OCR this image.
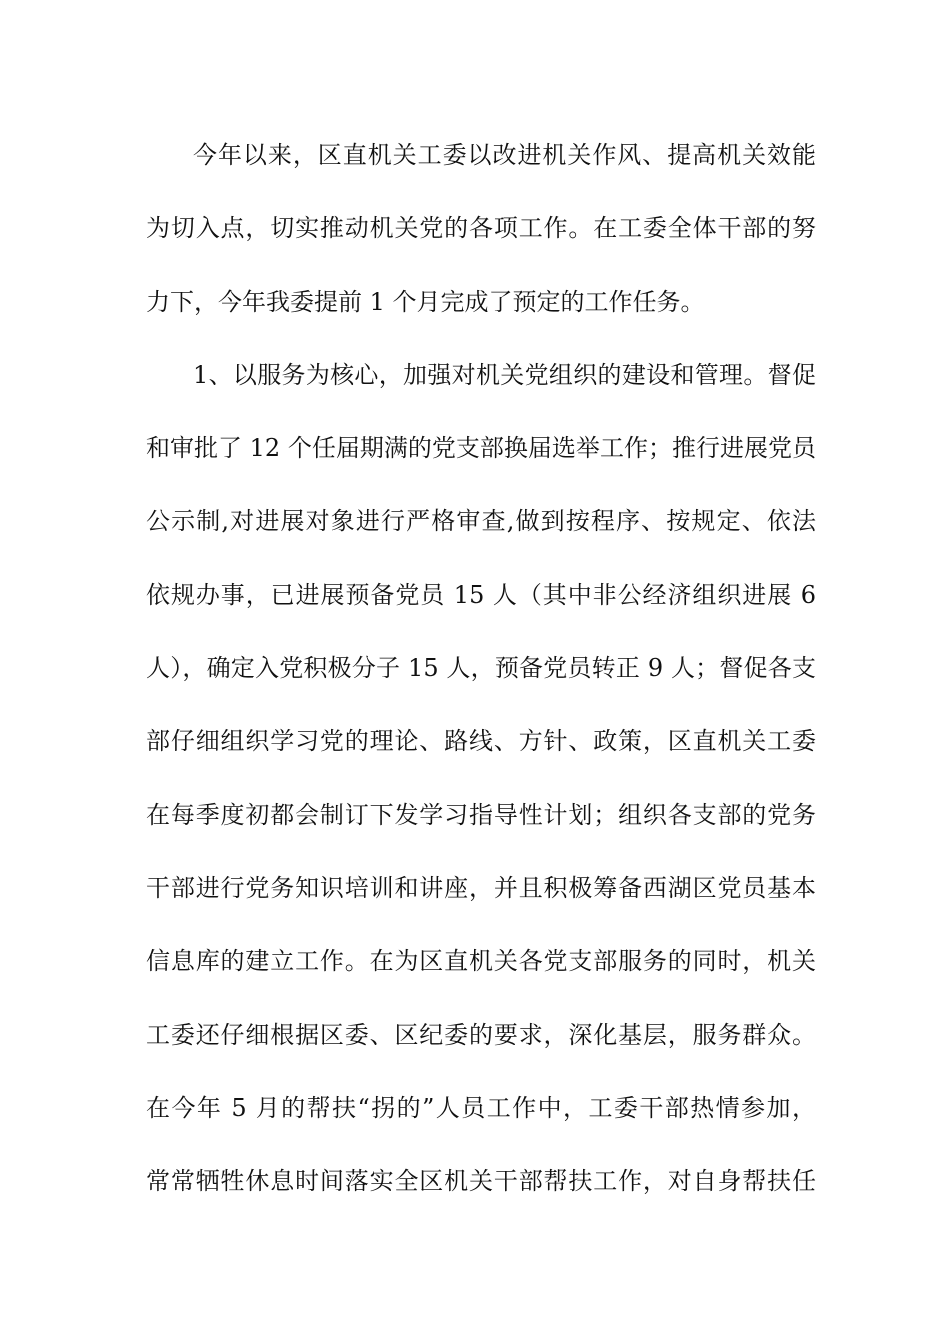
今年以来，区直机关工委以改进机关作风、提高机关效能
为切入点，切实推动机关党的各项工作。在工委全体干部的努
力下，今年我委提前 1 个月完成了预定的工作任务。
1、以服务为核心，加强对机关党组织的建设和管理。督促
和审批了 12 个任届期满的党支部换届选举工作；推行进展党员
公示制,对进展对象进行严格审查,做到按程序、按规定、依法
依规办事，已进展预备党员 15 人（其中非公经济组织进展 6
人），确定入党积极分子 15 人，预备党员转正 9 人；督促各支
部仔细组织学习党的理论、路线、方针、政策，区直机关工委
在每季度初都会制订下发学习指导性计划；组织各支部的党务
干部进行党务知识培训和讲座，并且积极筹备西湖区党员基本
信息库的建立工作。在为区直机关各党支部服务的同时，机关
工委还仔细根据区委、区纪委的要求，深化基层，服务群众。
在今年 5 月的帮扶“拐的”人员工作中，工委干部热情参加，
常常牺牲休息时间落实全区机关干部帮扶工作，对自身帮扶任
